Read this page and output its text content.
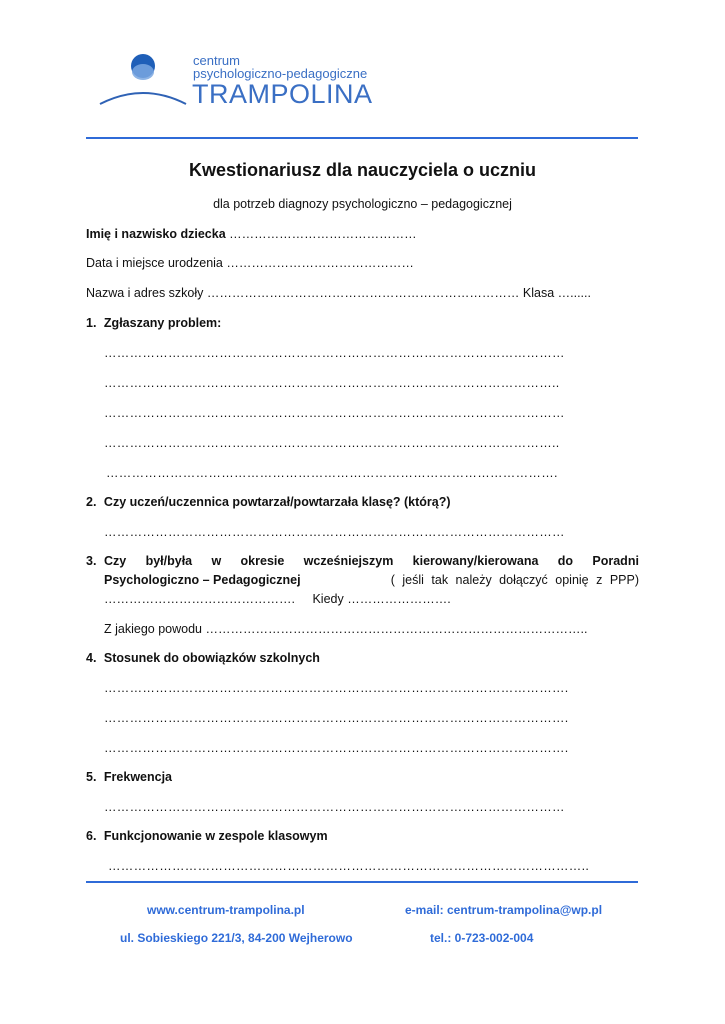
centrum
psychologiczno-pedagogiczne
TRAMPOLINA
Kwestionariusz dla nauczyciela o uczniu
dla potrzeb diagnozy psychologiczno – pedagogicznej
Imię i nazwisko dziecka ………………………………………
Data i miejsce urodzenia ………………………………………
Nazwa i adres szkoły ………………………………………………………………… Klasa …......
1. Zgłaszany problem:
………………………………………………………………………………………………
……………………………………………………………………………………………..
………………………………………………………………………………………………
……………………………………………………………………………………………..
…………………………………………………………………………………………….
2. Czy uczeń/uczennica powtarzał/powtarzała klasę? (którą?)
………………………………………………………………………………………………
3. Czy był/była w okresie wcześniejszym kierowany/kierowana do Poradni
Psychologiczno – Pedagogicznej	( jeśli tak należy dołączyć opinię z PPP)
………………………………………. Kiedy …………………….
Z jakiego powodu ………………………………………………………………………………..
4. Stosunek do obowiązków szkolnych
……………………………………………………………………………………………….
……………………………………………………………………………………………….
……………………………………………………………………………………………….
5. Frekwencja
………………………………………………………………………………………………
6. Funkcjonowanie w zespole klasowym
…………………………………………………………………………………………………..
www.centrum-trampolina.pl	e-mail: centrum-trampolina@wp.pl
ul. Sobieskiego 221/3, 84-200 Wejherowo	tel.: 0-723-002-004
